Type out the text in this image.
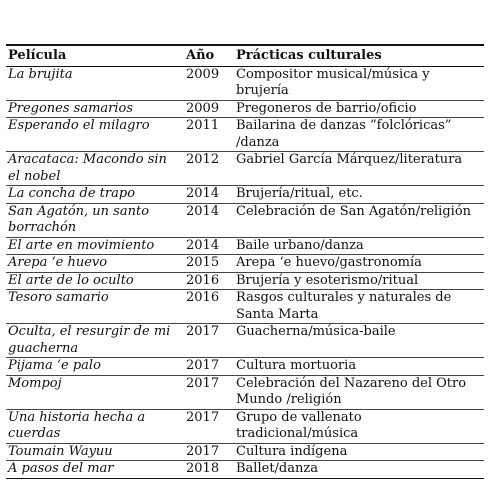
Película	Año	Prácticas culturales
La brujita	2009	Compositor musical/música y brujería
Pregones samarios	2009	Pregoneros de barrio/oficio
Esperando el milagro	2011	Bailarina de danzas “folclóricas” /danza
Aracataca: Macondo sin el nobel	2012	Gabriel García Márquez/literatura
La concha de trapo	2014	Brujería/ritual, etc.
San Agatón, un santo borrachón	2014	Celebración de San Agatón/religión
El arte en movimiento	2014	Baile urbano/danza
Arepa ‘e huevo	2015	Arepa ‘e huevo/gastronomía
El arte de lo oculto	2016	Brujería y esoterismo/ritual
Tesoro samario	2016	Rasgos culturales y naturales de Santa Marta
Oculta, el resurgir de mi guacherna	2017	Guacherna/música-baile
Pijama ‘e palo	2017	Cultura mortuoria
Mompoj	2017	Celebración del Nazareno del Otro Mundo /religión
Una historia hecha a cuerdas	2017	Grupo de vallenato tradicional/música
Toumain Wayuu	2017	Cultura indígena
A pasos del mar	2018	Ballet/danza
